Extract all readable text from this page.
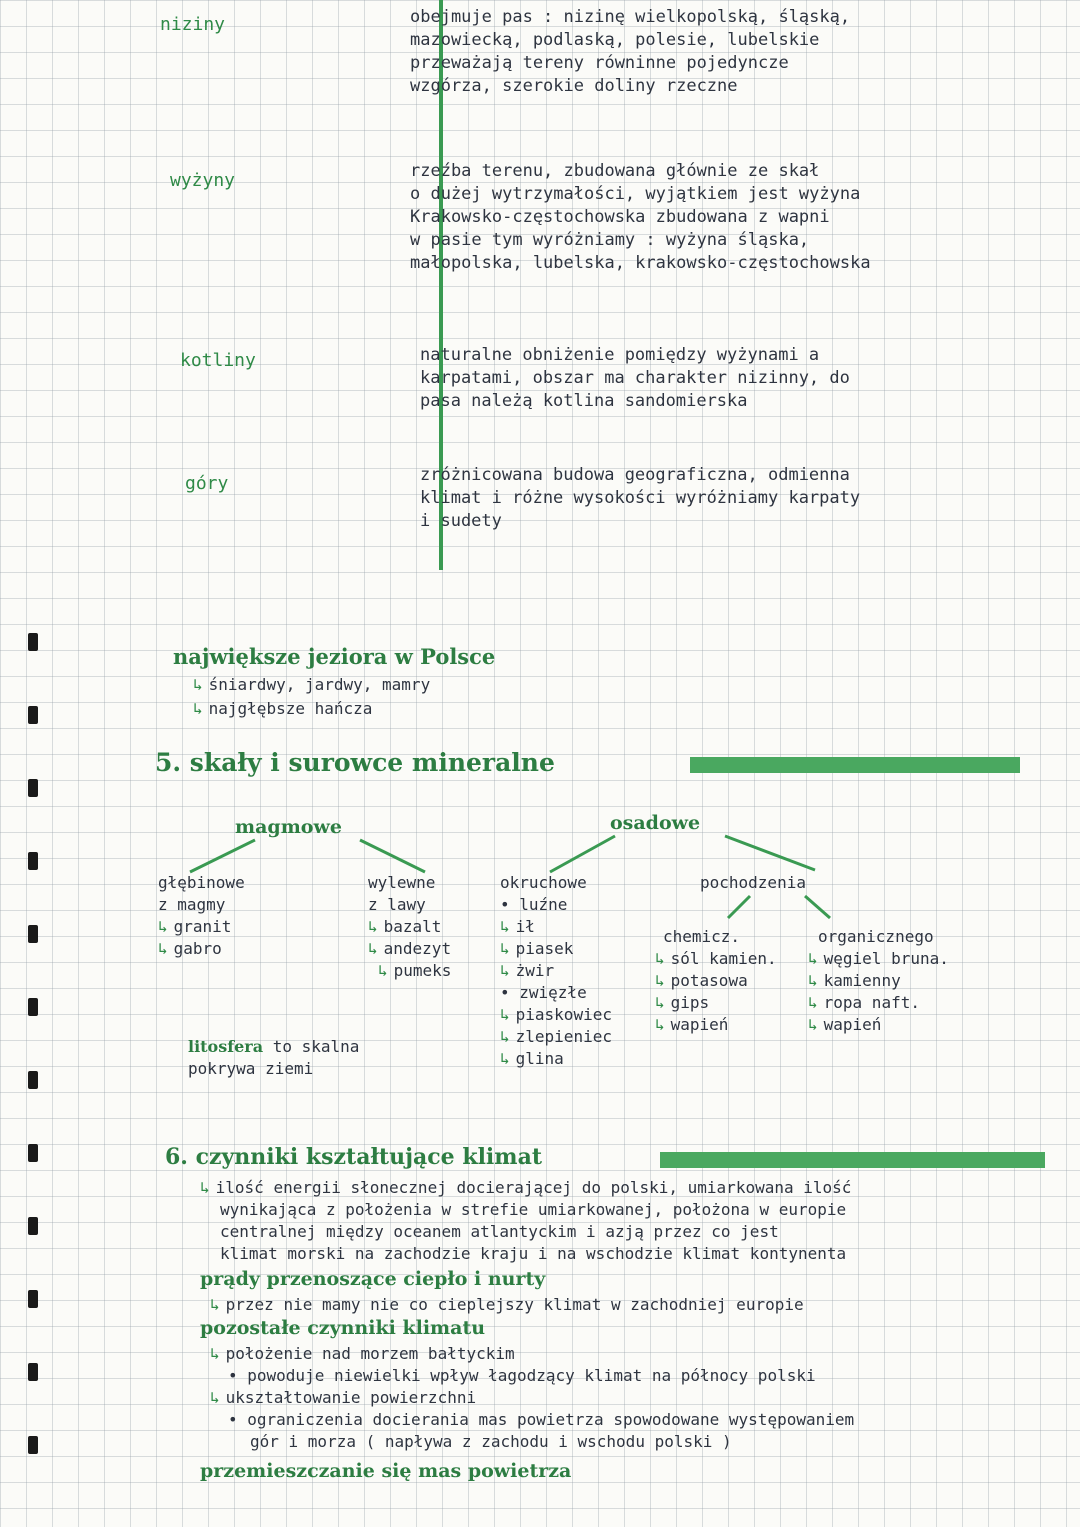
niziny	obejmuje pas : nizinę wielkopolską, śląską,
mazowiecką, podlaską, polesie, lubelskie
przeważają tereny równinne pojedyncze
wzgórza, szerokie doliny rzeczne
wyżyny	rzeźba terenu, zbudowana głównie ze skał
o dużej wytrzymałości, wyjątkiem jest wyżyna
Krakowsko-częstochowska zbudowana z wapni
w pasie tym wyróżniamy : wyżyna śląska,
małopolska, lubelska, krakowsko-częstochowska
kotliny	naturalne obniżenie pomiędzy wyżynami a
karpatami, obszar ma charakter nizinny, do
pasa należą kotlina sandomierska
góry	zróżnicowana budowa geograficzna, odmienna
klimat i różne wysokości wyróżniamy karpaty
i sudety
największe jeziora w Polsce
↳ śniardwy, jardwy, mamry
↳ najgłębsze hańcza
5. skały i surowce mineralne
magmowe	osadowe
głębinowe
z magmy
↳ granit
↳ gabro
wylewne
z lawy
↳ bazalt
↳ andezyt
↳ pumeks
okruchowe
• luźne
↳ ił
↳ piasek
↳ żwir
• zwięzłe
↳ piaskowiec
↳ zlepieniec
↳ glina
pochodzenia
chemicz.
↳ sól kamien.
↳ potasowa
↳ gips
↳ wapień
organicznego
↳ węgiel bruna.
↳ kamienny
↳ ropa naft.
↳ wapień
litosfera to skalna
pokrywa ziemi
6. czynniki kształtujące klimat
↳ ilość energii słonecznej docierającej do polski, umiarkowana ilość
wynikająca z położenia w strefie umiarkowanej, położona w europie
centralnej między oceanem atlantyckim i azją przez co jest
klimat morski na zachodzie kraju i na wschodzie klimat kontynenta
prądy przenoszące ciepło i nurty
↳ przez nie mamy nie co cieplejszy klimat w zachodniej europie
pozostałe czynniki klimatu
↳ położenie nad morzem bałtyckim
• powoduje niewielki wpływ łagodzący klimat na północy polski
↳ ukształtowanie powierzchni
• ograniczenia docierania mas powietrza spowodowane występowaniem
gór i morza ( napływa z zachodu i wschodu polski )
przemieszczanie się mas powietrza
